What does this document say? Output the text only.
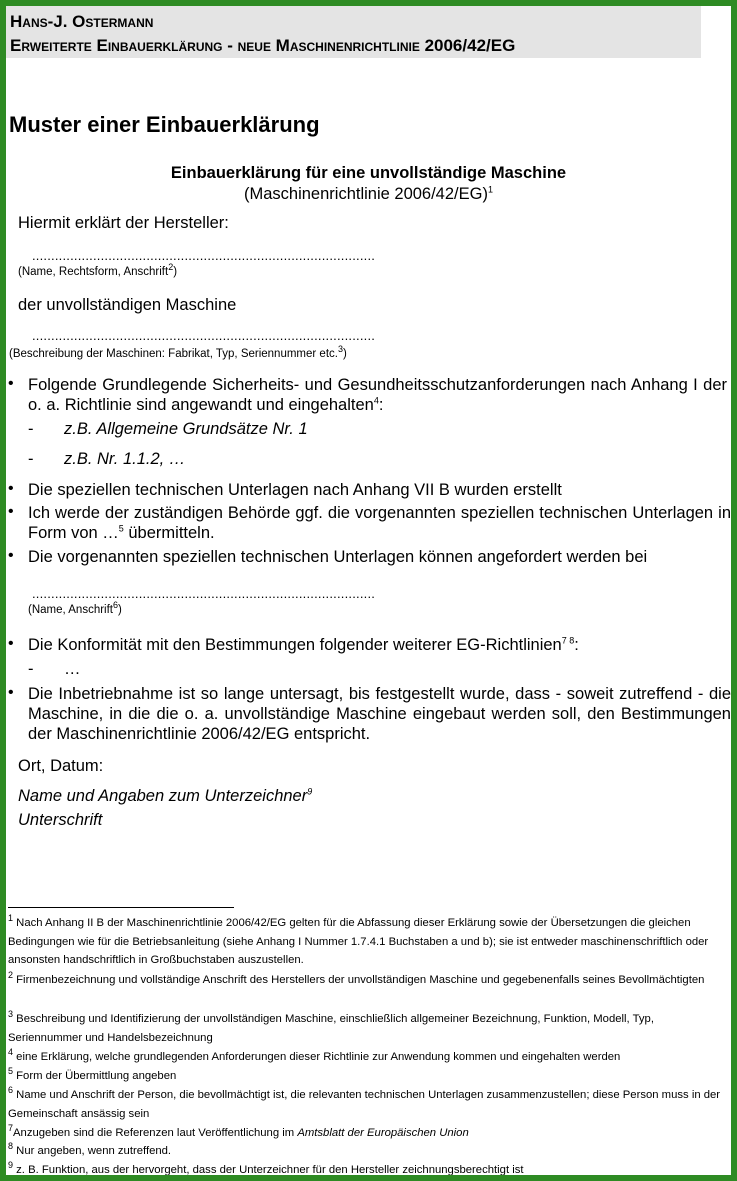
Hans-J. Ostermann
Erweiterte Einbauerklärung - neue Maschinenrichtlinie 2006/42/EG
Muster einer Einbauerklärung
Einbauerklärung für eine unvollständige Maschine
(Maschinenrichtlinie 2006/42/EG)$^1$
Hiermit erklärt der Hersteller:
..........................................................................................
(Name, Rechtsform, Anschrift$^2$)
der unvollständigen Maschine
..........................................................................................
(Beschreibung der Maschinen: Fabrikat, Typ, Seriennummer etc.$^3$)
• Folgende Grundlegende Sicherheits- und Gesundheitsschutzanforderungen nach Anhang I der o. a. Richtlinie sind angewandt und eingehalten$^4$:
- z.B. Allgemeine Grundsätze Nr. 1
- z.B. Nr. 1.1.2, …
• Die speziellen technischen Unterlagen nach Anhang VII B wurden erstellt
• Ich werde der zuständigen Behörde ggf. die vorgenannten speziellen technischen Unterlagen in Form von …$^5$ übermitteln.
• Die vorgenannten speziellen technischen Unterlagen können angefordert werden bei
..........................................................................................
(Name, Anschrift$^6$)
• Die Konformität mit den Bestimmungen folgender weiterer EG-Richtlinien$^{7 8}$:
- …
• Die Inbetriebnahme ist so lange untersagt, bis festgestellt wurde, dass - soweit zutreffend - die Maschine, in die die o. a. unvollständige Maschine eingebaut werden soll, den Bestimmungen der Maschinenrichtlinie 2006/42/EG entspricht.
Ort, Datum:
Name und Angaben zum Unterzeichner$^9$
Unterschrift
$^1$ Nach Anhang II B der Maschinenrichtlinie 2006/42/EG gelten für die Abfassung dieser Erklärung sowie der Übersetzungen die gleichen Bedingungen wie für die Betriebsanleitung (siehe Anhang I Nummer 1.7.4.1 Buchstaben a und b); sie ist entweder maschinenschriftlich oder ansonsten handschriftlich in Großbuchstaben auszustellen.
$^2$ Firmenbezeichnung und vollständige Anschrift des Herstellers der unvollständigen Maschine und gegebenenfalls seines Bevollmächtigten
$^3$ Beschreibung und Identifizierung der unvollständigen Maschine, einschließlich allgemeiner Bezeichnung, Funktion, Modell, Typ, Seriennummer und Handelsbezeichnung
$^4$ eine Erklärung, welche grundlegenden Anforderungen dieser Richtlinie zur Anwendung kommen und eingehalten werden
$^5$ Form der Übermittlung angeben
$^6$ Name und Anschrift der Person, die bevollmächtigt ist, die relevanten technischen Unterlagen zusammenzustellen; diese Person muss in der Gemeinschaft ansässig sein
$^7$Anzugeben sind die Referenzen laut Veröffentlichung im Amtsblatt der Europäischen Union
$^8$ Nur angeben, wenn zutreffend.
$^9$ z. B. Funktion, aus der hervorgeht, dass der Unterzeichner für den Hersteller zeichnungsberechtigt ist
